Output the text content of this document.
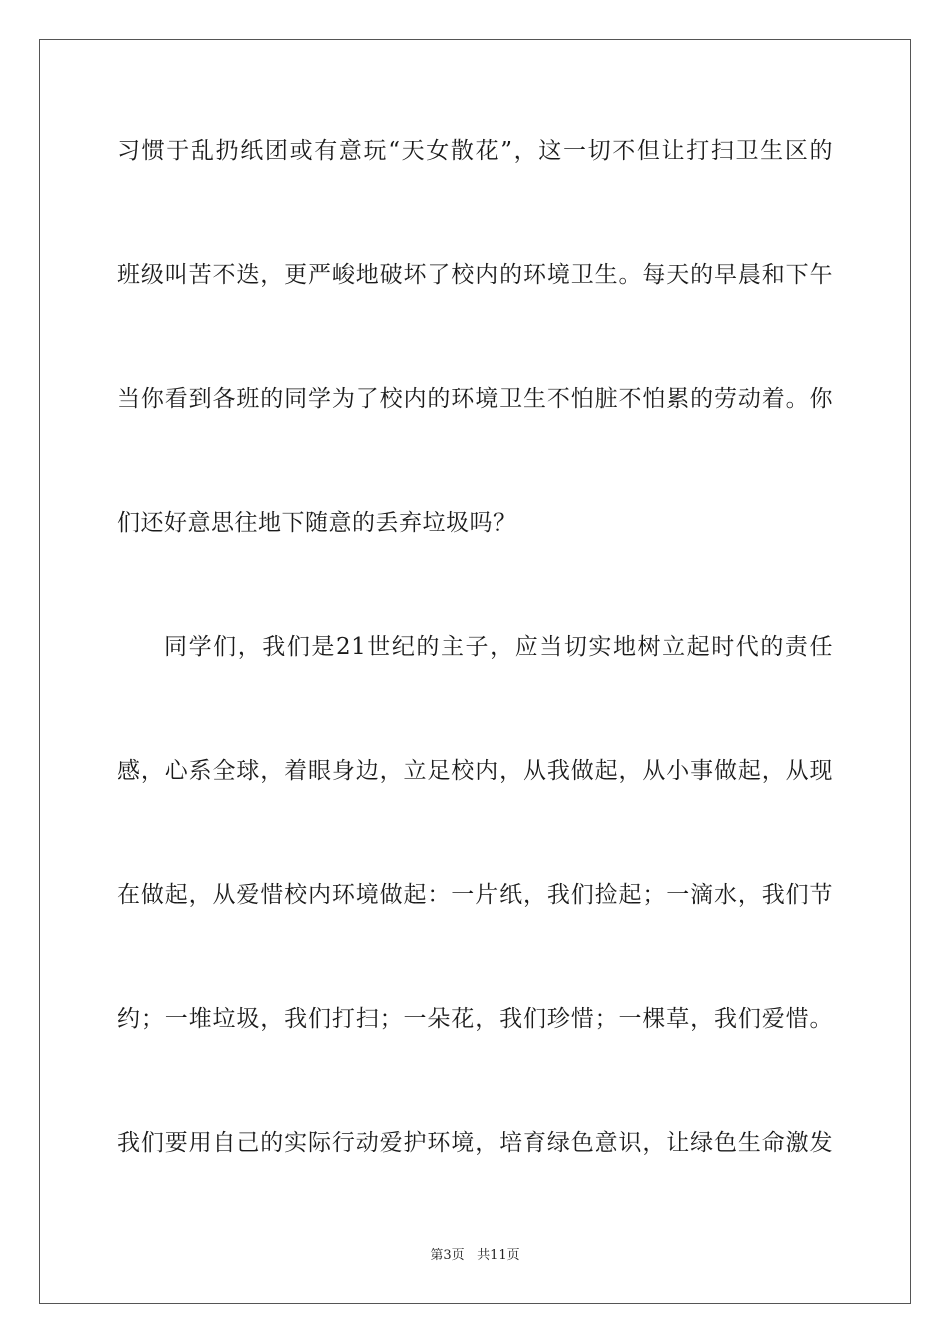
习惯于乱扔纸团或有意玩“天女散花”，这一切不但让打扫卫生区的
班级叫苦不迭，更严峻地破坏了校内的环境卫生。每天的早晨和下午
当你看到各班的同学为了校内的环境卫生不怕脏不怕累的劳动着。你
们还好意思往地下随意的丢弃垃圾吗？
同学们，我们是21世纪的主子，应当切实地树立起时代的责任
感，心系全球，着眼身边，立足校内，从我做起，从小事做起，从现
在做起，从爱惜校内环境做起：一片纸，我们捡起；一滴水，我们节
约；一堆垃圾，我们打扫；一朵花，我们珍惜；一棵草，我们爱惜。
我们要用自己的实际行动爱护环境，培育绿色意识，让绿色生命激发
第3页 共11页
